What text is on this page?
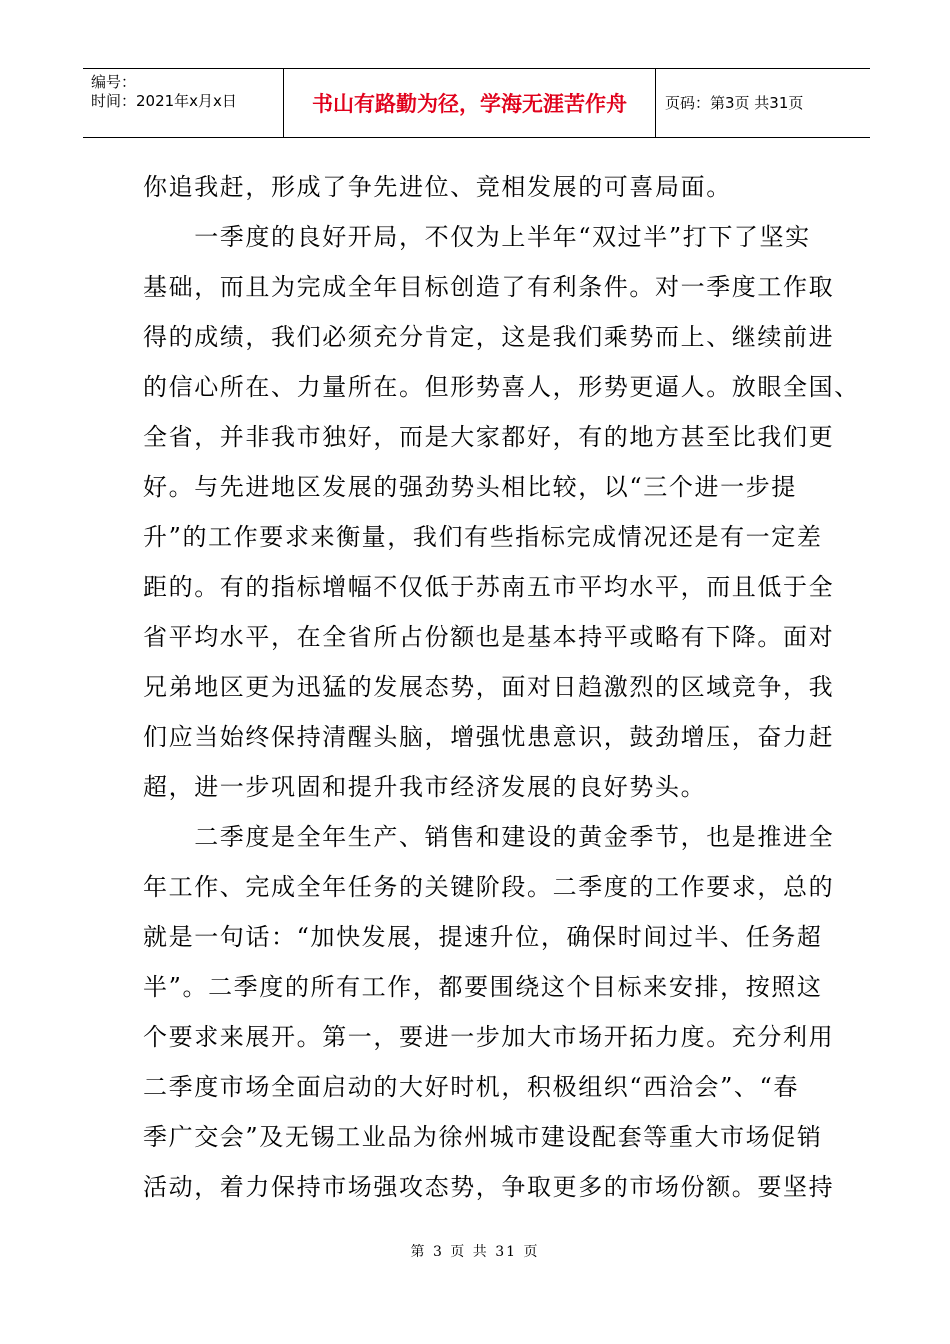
编号：
时间：2021年x月x日	书山有路勤为径，学海无涯苦作舟	页码：第3页 共31页
你追我赶，形成了争先进位、竞相发展的可喜局面。
　　一季度的良好开局，不仅为上半年“双过半”打下了坚实
基础，而且为完成全年目标创造了有利条件。对一季度工作取
得的成绩，我们必须充分肯定，这是我们乘势而上、继续前进
的信心所在、力量所在。但形势喜人，形势更逼人。放眼全国、
全省，并非我市独好，而是大家都好，有的地方甚至比我们更
好。与先进地区发展的强劲势头相比较，以“三个进一步提
升”的工作要求来衡量，我们有些指标完成情况还是有一定差
距的。有的指标增幅不仅低于苏南五市平均水平，而且低于全
省平均水平，在全省所占份额也是基本持平或略有下降。面对
兄弟地区更为迅猛的发展态势，面对日趋激烈的区域竞争，我
们应当始终保持清醒头脑，增强忧患意识，鼓劲增压，奋力赶
超，进一步巩固和提升我市经济发展的良好势头。
　　二季度是全年生产、销售和建设的黄金季节，也是推进全
年工作、完成全年任务的关键阶段。二季度的工作要求，总的
就是一句话：“加快发展，提速升位，确保时间过半、任务超
半”。二季度的所有工作，都要围绕这个目标来安排，按照这
个要求来展开。第一，要进一步加大市场开拓力度。充分利用
二季度市场全面启动的大好时机，积极组织“西洽会”、“春
季广交会”及无锡工业品为徐州城市建设配套等重大市场促销
活动，着力保持市场强攻态势，争取更多的市场份额。要坚持
第 3 页 共 31 页
